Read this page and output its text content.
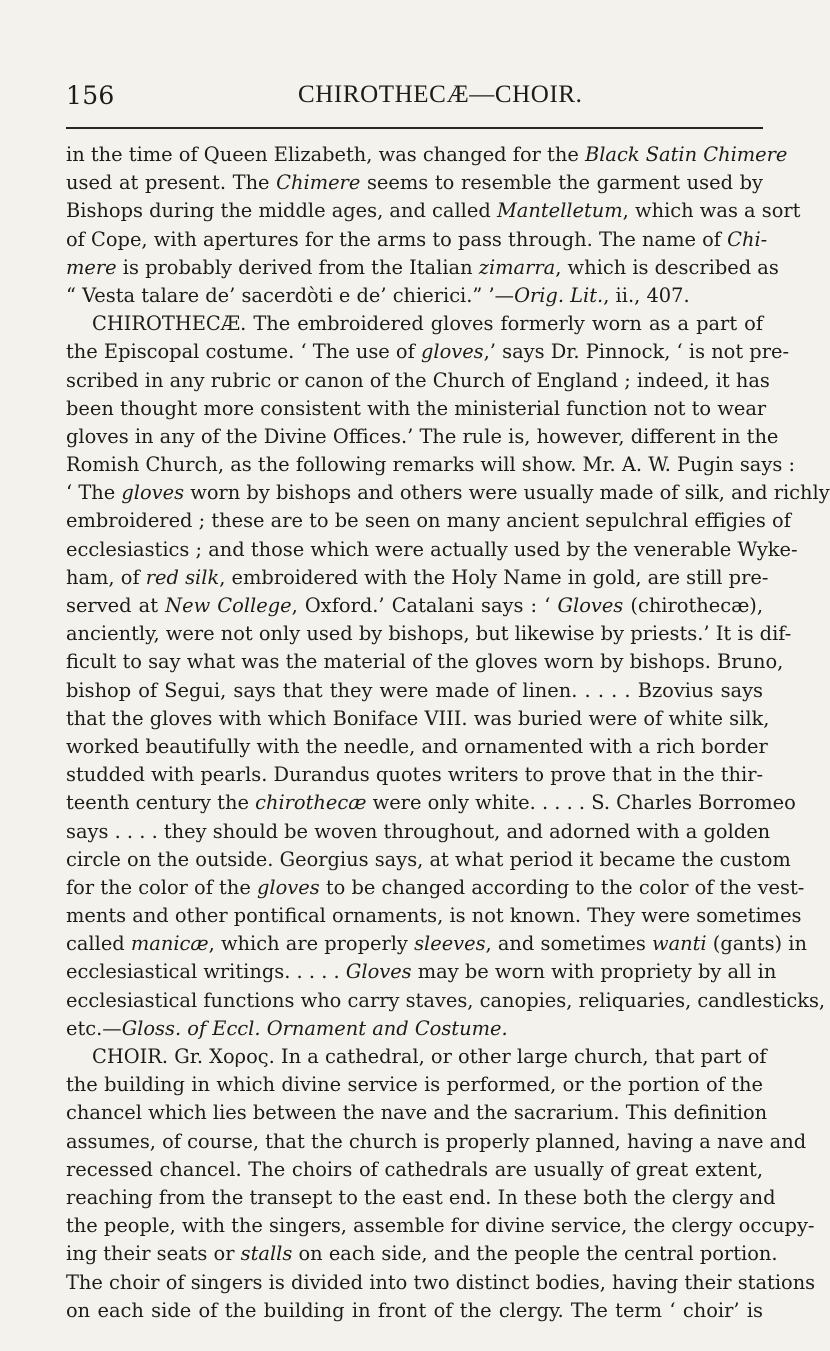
156	CHIROTHECÆ—CHOIR.
in the time of Queen Elizabeth, was changed for the Black Satin Chimere
used at present. The Chimere seems to resemble the garment used by
Bishops during the middle ages, and called Mantelletum, which was a sort
of Cope, with apertures for the arms to pass through. The name of Chi-
mere is probably derived from the Italian zimarra, which is described as
“ Vesta talare de’ sacerdòti e de’ chierici.” ’—Orig. Lit., ii., 407.
CHIROTHECÆ. The embroidered gloves formerly worn as a part of
the Episcopal costume. ‘ The use of gloves,’ says Dr. Pinnock, ‘ is not pre-
scribed in any rubric or canon of the Church of England ; indeed, it has
been thought more consistent with the ministerial function not to wear
gloves in any of the Divine Offices.’ The rule is, however, different in the
Romish Church, as the following remarks will show. Mr. A. W. Pugin says :
‘ The gloves worn by bishops and others were usually made of silk, and richly
embroidered ; these are to be seen on many ancient sepulchral effigies of
ecclesiastics ; and those which were actually used by the venerable Wyke-
ham, of red silk, embroidered with the Holy Name in gold, are still pre-
served at New College, Oxford.’ Catalani says : ‘ Gloves (chirothecæ),
anciently, were not only used by bishops, but likewise by priests.’ It is dif-
ficult to say what was the material of the gloves worn by bishops. Bruno,
bishop of Segui, says that they were made of linen. . . . . Bzovius says
that the gloves with which Boniface VIII. was buried were of white silk,
worked beautifully with the needle, and ornamented with a rich border
studded with pearls. Durandus quotes writers to prove that in the thir-
teenth century the chirothecæ were only white. . . . . S. Charles Borromeo
says . . . . they should be woven throughout, and adorned with a golden
circle on the outside. Georgius says, at what period it became the custom
for the color of the gloves to be changed according to the color of the vest-
ments and other pontifical ornaments, is not known. They were sometimes
called manicæ, which are properly sleeves, and sometimes wanti (gants) in
ecclesiastical writings. . . . . Gloves may be worn with propriety by all in
ecclesiastical functions who carry staves, canopies, reliquaries, candlesticks,
etc.—Gloss. of Eccl. Ornament and Costume.
CHOIR. Gr. Χορος. In a cathedral, or other large church, that part of
the building in which divine service is performed, or the portion of the
chancel which lies between the nave and the sacrarium. This definition
assumes, of course, that the church is properly planned, having a nave and
recessed chancel. The choirs of cathedrals are usually of great extent,
reaching from the transept to the east end. In these both the clergy and
the people, with the singers, assemble for divine service, the clergy occupy-
ing their seats or stalls on each side, and the people the central portion.
The choir of singers is divided into two distinct bodies, having their stations
on each side of the building in front of the clergy. The term ‘ choir’ is
